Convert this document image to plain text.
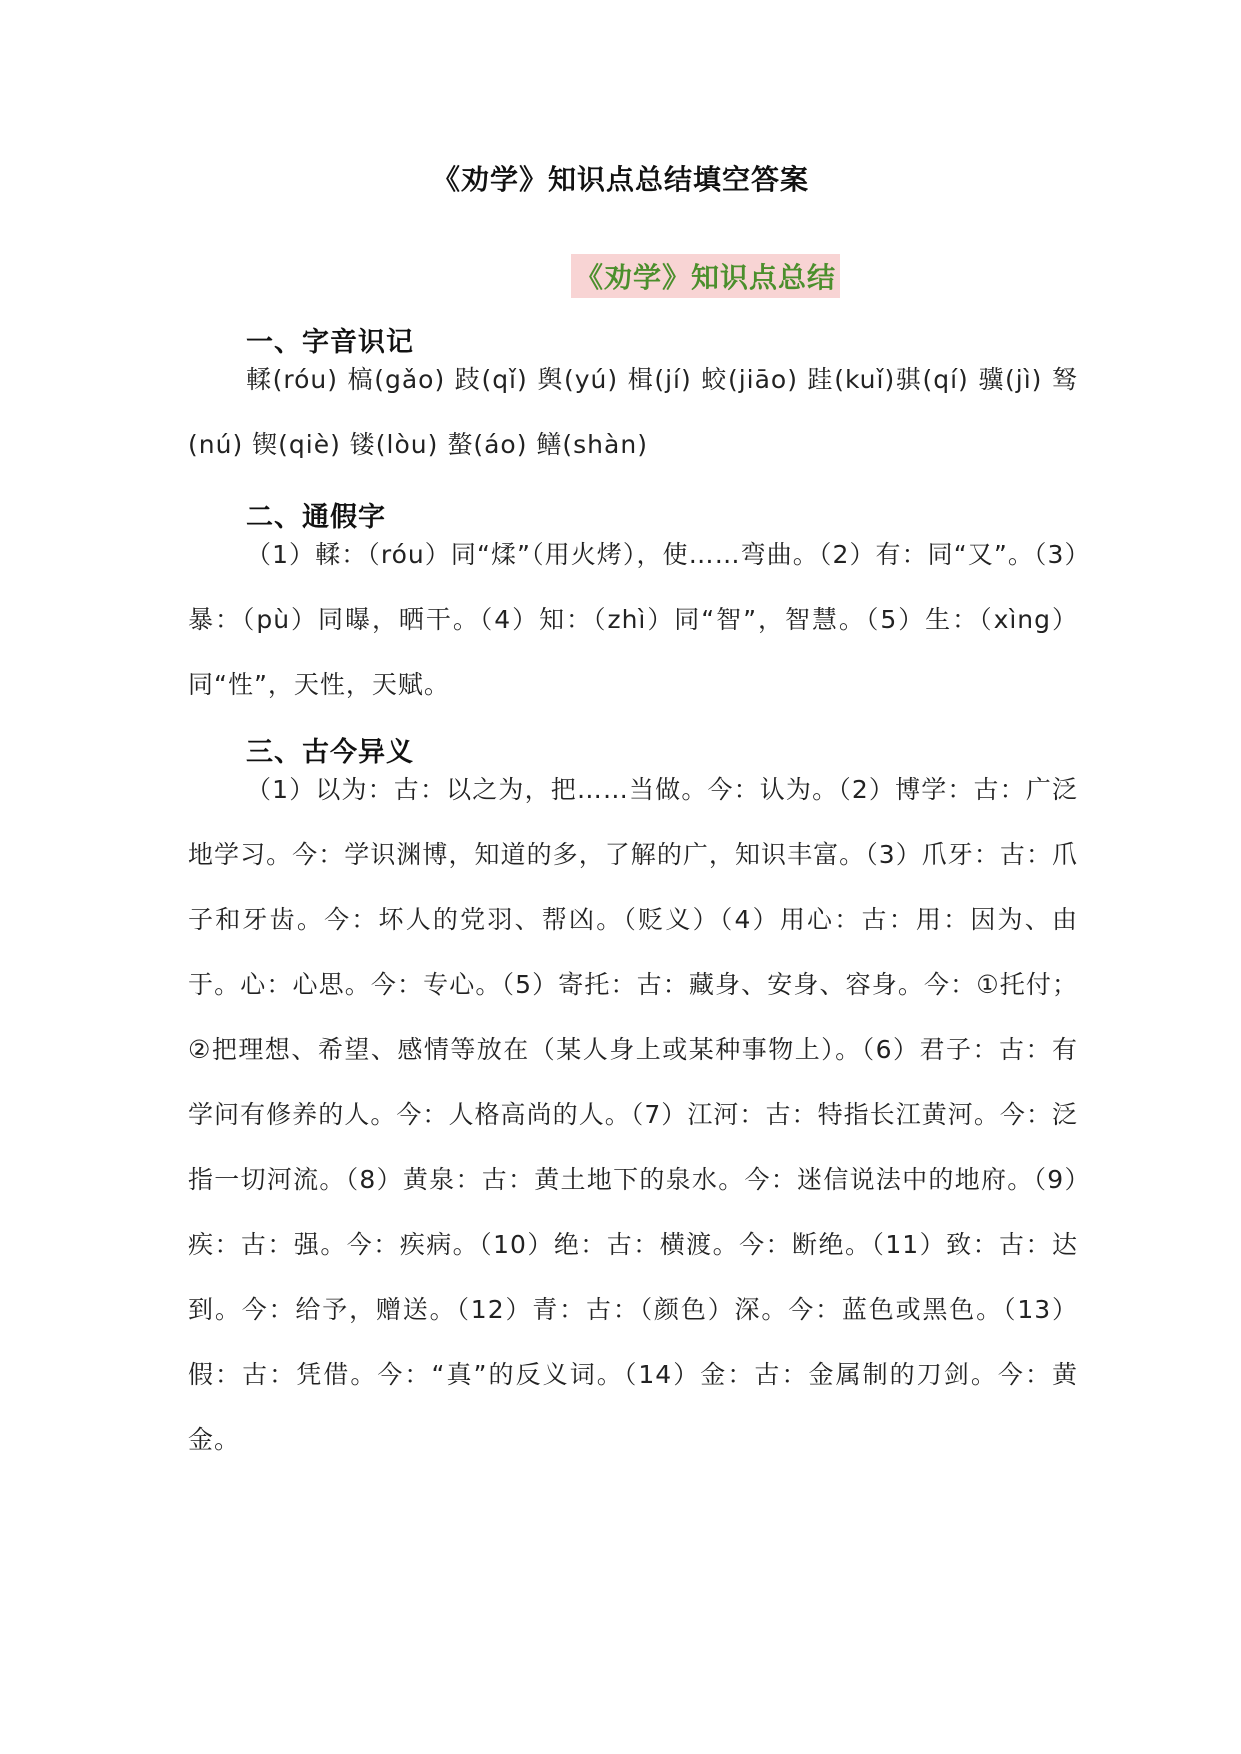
《劝学》知识点总结填空答案
《劝学》知识点总结
一、字音识记
輮(róu) 槁(gǎo) 跂(qǐ) 舆(yú) 楫(jí) 蛟(jiāo) 跬(kuǐ)骐(qí) 骥(jì) 驽(nú) 锲(qiè) 镂(lòu) 螯(áo) 鳝(shàn)
二、通假字
（1）輮：（róu）同“煣”（用火烤），使……弯曲。（2）有：同“又”。（3）暴：（pù）同曝，晒干。（4）知：（zhì）同“智”，智慧。（5）生：（xìng）同“性”，天性，天赋。
三、古今异义
（1）以为：古：以之为，把……当做。今：认为。（2）博学：古：广泛地学习。今：学识渊博，知道的多，了解的广，知识丰富。（3）爪牙：古：爪子和牙齿。今：坏人的党羽、帮凶。（贬义）（4）用心：古：用：因为、由于。心：心思。今：专心。（5）寄托：古：藏身、安身、容身。今：①托付；②把理想、希望、感情等放在（某人身上或某种事物上）。（6）君子：古：有学问有修养的人。今：人格高尚的人。（7）江河：古：特指长江黄河。今：泛指一切河流。（8）黄泉：古：黄土地下的泉水。今：迷信说法中的地府。（9）疾：古：强。今：疾病。（10）绝：古：横渡。今：断绝。（11）致：古：达到。今：给予，赠送。（12）青：古：（颜色）深。今：蓝色或黑色。（13）假：古：凭借。今：“真”的反义词。（14）金：古：金属制的刀剑。今：黄金。
